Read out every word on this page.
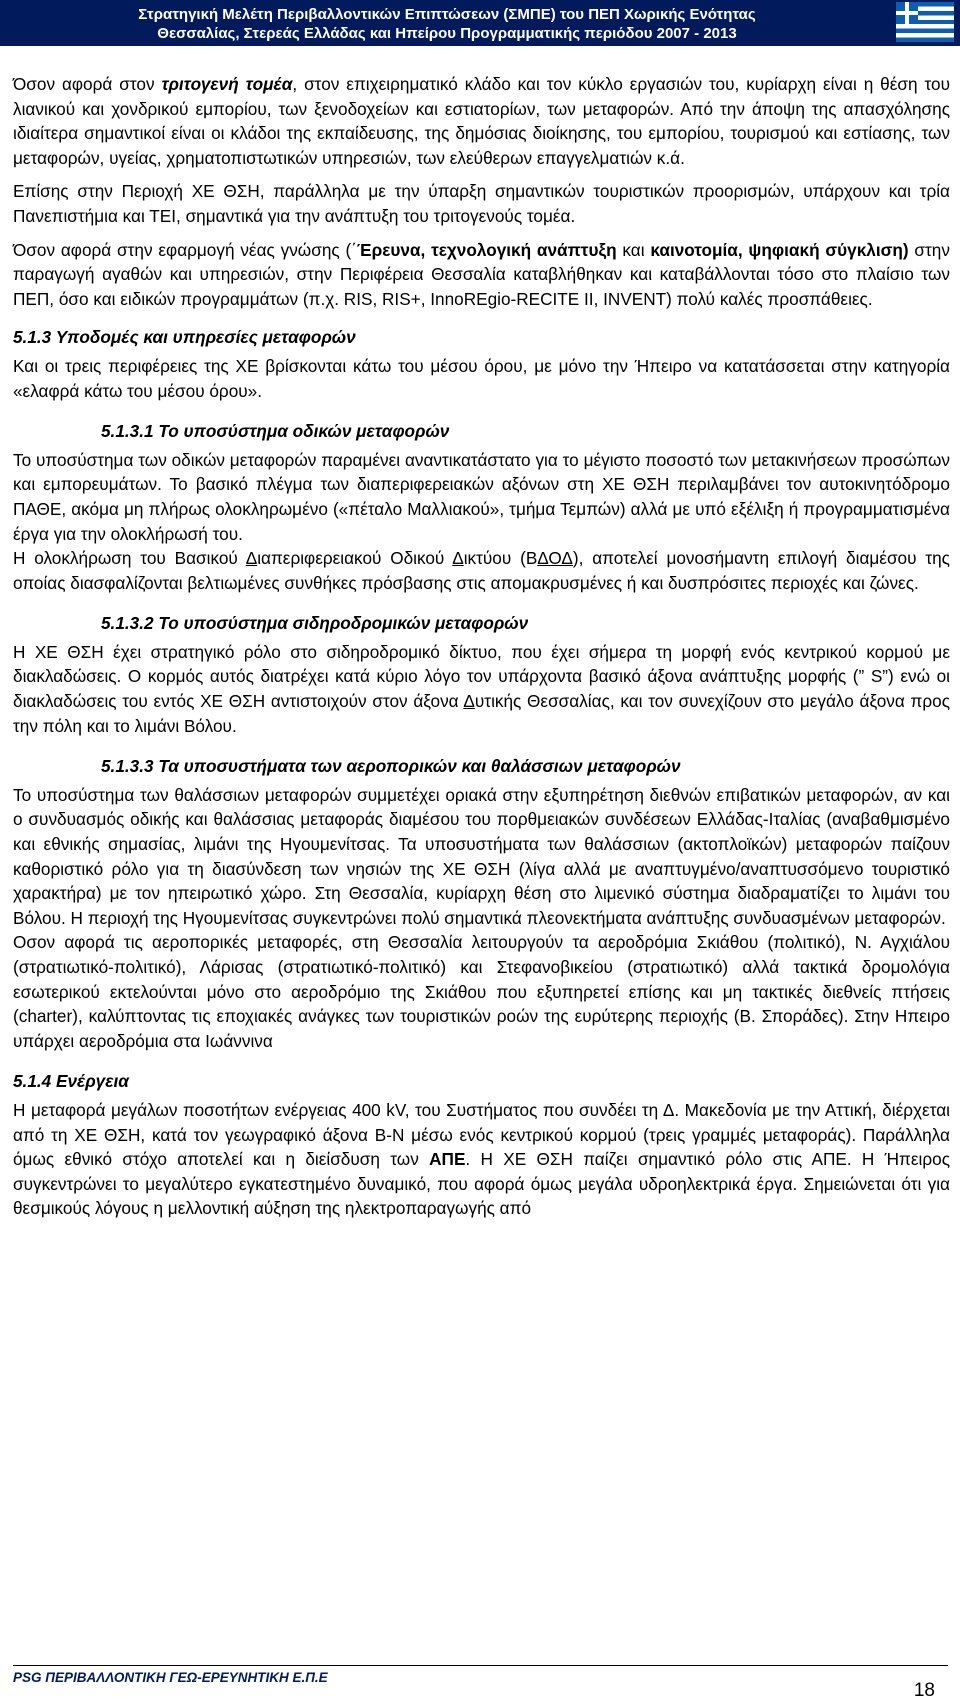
Στρατηγική Μελέτη Περιβαλλοντικών Επιπτώσεων (ΣΜΠΕ) του ΠΕΠ Χωρικής Ενότητας
Θεσσαλίας, Στερεάς Ελλάδας και Ηπείρου Προγραμματικής περιόδου 2007 - 2013

Όσον αφορά στον τριτογενή τομέα, στον επιχειρηματικό κλάδο και τον κύκλο εργασιών του, κυρίαρχη είναι η θέση του λιανικού και χονδρικού εμπορίου, των ξενοδοχείων και εστιατορίων, των μεταφορών. Από την άποψη της απασχόλησης ιδιαίτερα σημαντικοί είναι οι κλάδοι της εκπαίδευσης, της δημόσιας διοίκησης, του εμπορίου, τουρισμού και εστίασης, των μεταφορών, υγείας, χρηματοπιστωτικών υπηρεσιών, των ελεύθερων επαγγελματιών κ.ά.

Επίσης στην Περιοχή ΧΕ ΘΣΗ, παράλληλα με την ύπαρξη σημαντικών τουριστικών προορισμών, υπάρχουν και τρία Πανεπιστήμια και ΤΕΙ, σημαντικά για την ανάπτυξη του τριτογενούς τομέα.

Όσον αφορά στην εφαρμογή νέας γνώσης (΄Έρευνα, τεχνολογική ανάπτυξη και καινοτομία, ψηφιακή σύγκλιση) στην παραγωγή αγαθών και υπηρεσιών, στην Περιφέρεια Θεσσαλία καταβλήθηκαν και καταβάλλονται τόσο στο πλαίσιο των ΠΕΠ, όσο και ειδικών προγραμμάτων (π.χ. RIS, RIS+, InnoREgio-RECITE II, INVENT) πολύ καλές προσπάθειες.

5.1.3 Υποδομές και υπηρεσίες μεταφορών

Και οι τρεις περιφέρειες της ΧΕ βρίσκονται κάτω του μέσου όρου, με μόνο την Ήπειρο να κατατάσσεται στην κατηγορία «ελαφρά κάτω του μέσου όρου».

5.1.3.1 Το υποσύστημα οδικών μεταφορών

Το υποσύστημα των οδικών μεταφορών παραμένει αναντικατάστατο για το μέγιστο ποσοστό των μετακινήσεων προσώπων και εμπορευμάτων. Το βασικό πλέγμα των διαπεριφερειακών αξόνων στη ΧΕ ΘΣΗ περιλαμβάνει τον αυτοκινητόδρομο ΠΑΘΕ, ακόμα μη πλήρως ολοκληρωμένο («πέταλο Μαλλιακού», τμήμα Τεμπών) αλλά με υπό εξέλιξη ή προγραμματισμένα έργα για την ολοκλήρωσή του.

Η ολοκλήρωση του Βασικού Διαπεριφερειακού Οδικού Δικτύου (ΒΔΟΔ), αποτελεί μονοσήμαντη επιλογή διαμέσου της οποίας διασφαλίζονται βελτιωμένες συνθήκες πρόσβασης στις απομακρυσμένες ή και δυσπρόσιτες περιοχές και ζώνες.

5.1.3.2 Το υποσύστημα σιδηροδρομικών μεταφορών

Η ΧΕ ΘΣΗ έχει στρατηγικό ρόλο στο σιδηροδρομικό δίκτυο, που έχει σήμερα τη μορφή ενός κεντρικού κορμού με διακλαδώσεις. Ο κορμός αυτός διατρέχει κατά κύριο λόγο τον υπάρχοντα βασικό άξονα ανάπτυξης μορφής (” S”) ενώ οι διακλαδώσεις του εντός ΧΕ ΘΣΗ αντιστοιχούν στον άξονα Δυτικής Θεσσαλίας, και τον συνεχίζουν στο μεγάλο άξονα προς την πόλη και το λιμάνι Βόλου.

5.1.3.3 Τα υποσυστήματα των αεροπορικών και θαλάσσιων μεταφορών

Το υποσύστημα των θαλάσσιων μεταφορών συμμετέχει οριακά στην εξυπηρέτηση διεθνών επιβατικών μεταφορών, αν και ο συνδυασμός οδικής και θαλάσσιας μεταφοράς διαμέσου του πορθμειακών συνδέσεων Ελλάδας-Ιταλίας (αναβαθμισμένο και εθνικής σημασίας, λιμάνι της Ηγουμενίτσας. Τα υποσυστήματα των θαλάσσιων (ακτοπλοϊκών) μεταφορών παίζουν καθοριστικό ρόλο για τη διασύνδεση των νησιών της ΧΕ ΘΣΗ (λίγα αλλά με αναπτυγμένο/αναπτυσσόμενο τουριστικό χαρακτήρα) με τον ηπειρωτικό χώρο. Στη Θεσσαλία, κυρίαρχη θέση στο λιμενικό σύστημα διαδραματίζει το λιμάνι του Βόλου. Η περιοχή της Ηγουμενίτσας συγκεντρώνει πολύ σημαντικά πλεονεκτήματα ανάπτυξης συνδυασμένων μεταφορών.

Οσον αφορά τις αεροπορικές μεταφορές, στη Θεσσαλία λειτουργούν τα αεροδρόμια Σκιάθου (πολιτικό), Ν. Αγχιάλου (στρατιωτικό-πολιτικό), Λάρισας (στρατιωτικό-πολιτικό) και Στεφανοβικείου (στρατιωτικό) αλλά τακτικά δρομολόγια εσωτερικού εκτελούνται μόνο στο αεροδρόμιο της Σκιάθου που εξυπηρετεί επίσης και μη τακτικές διεθνείς πτήσεις (charter), καλύπτοντας τις εποχιακές ανάγκες των τουριστικών ροών της ευρύτερης περιοχής (Β. Σποράδες). Στην Ηπειρο υπάρχει αεροδρόμια στα Ιωάννινα

5.1.4 Ενέργεια

Η μεταφορά μεγάλων ποσοτήτων ενέργειας 400 kV, του Συστήματος που συνδέει τη Δ. Μακεδονία με την Αττική, διέρχεται από τη ΧΕ ΘΣΗ, κατά τον γεωγραφικό άξονα Β-Ν μέσω ενός κεντρικού κορμού (τρεις γραμμές μεταφοράς). Παράλληλα όμως εθνικό στόχο αποτελεί και η διείσδυση των ΑΠΕ. Η ΧΕ ΘΣΗ παίζει σημαντικό ρόλο στις ΑΠΕ. Η Ήπειρος συγκεντρώνει το μεγαλύτερο εγκατεστημένο δυναμικό, που αφορά όμως μεγάλα υδροηλεκτρικά έργα. Σημειώνεται ότι για θεσμικούς λόγους η μελλοντική αύξηση της ηλεκτροπαραγωγής από

PSG ΠΕΡΙΒΑΛΛΟΝΤΙΚΗ ΓΕΩ-ΕΡΕΥΝΗΤΙΚΗ Ε.Π.Ε
18
